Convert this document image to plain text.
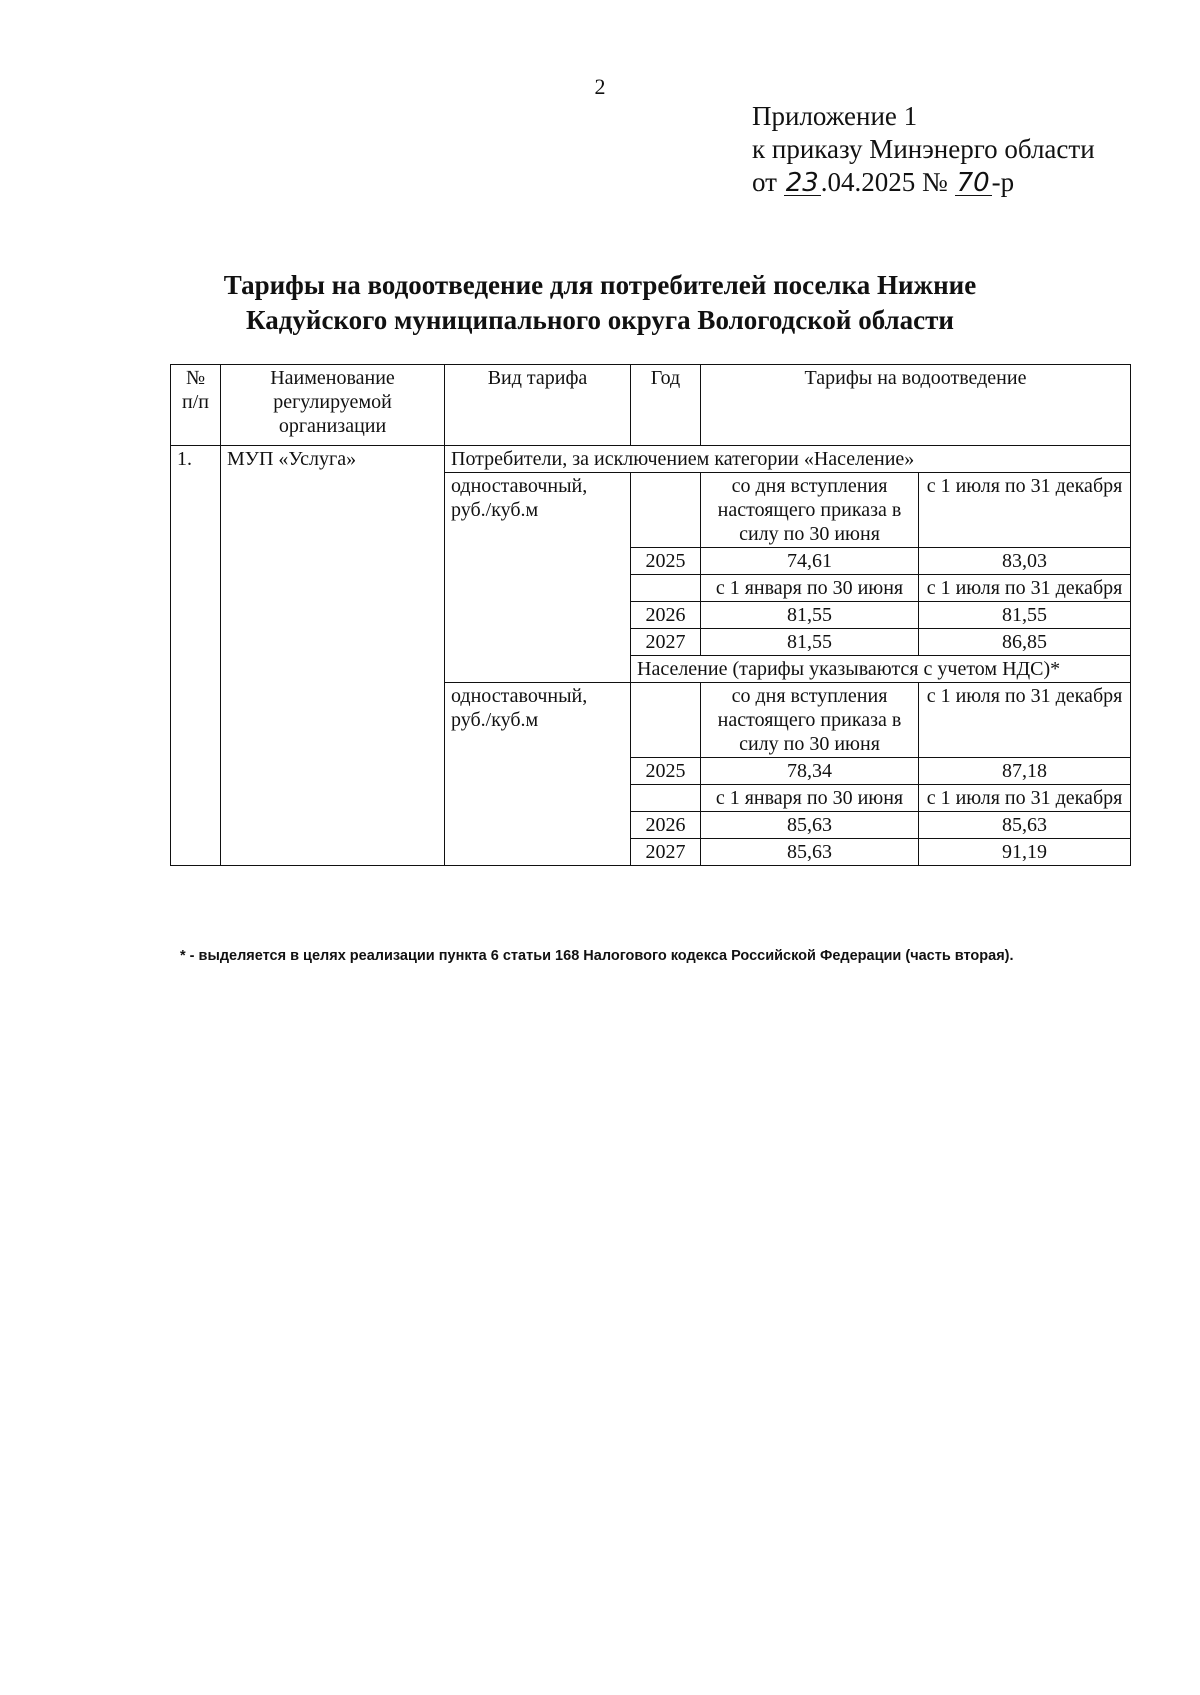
2
Приложение 1
к приказу Минэнерго области
от 23.04.2025 № 70-р
Тарифы на водоотведение для потребителей поселка Нижние
Кадуйского муниципального округа Вологодской области
№ п/п	Наименование регулируемой организации	Вид тарифа	Год	Тарифы на водоотведение	
1.	МУП «Услуга»	Потребители, за исключением категории «Население»			
		одноставочный, руб./куб.м		со дня вступления настоящего приказа в силу по 30 июня	с 1 июля по 31 декабря
			2025	74,61	83,03
				с 1 января по 30 июня	с 1 июля по 31 декабря
			2026	81,55	81,55
			2027	81,55	86,85
			Население (тарифы указываются с учетом НДС)*		
		одноставочный, руб./куб.м		со дня вступления настоящего приказа в силу по 30 июня	с 1 июля по 31 декабря
			2025	78,34	87,18
				с 1 января по 30 июня	с 1 июля по 31 декабря
			2026	85,63	85,63
			2027	85,63	91,19
* - выделяется в целях реализации пункта 6 статьи 168 Налогового кодекса Российской Федерации (часть вторая).
